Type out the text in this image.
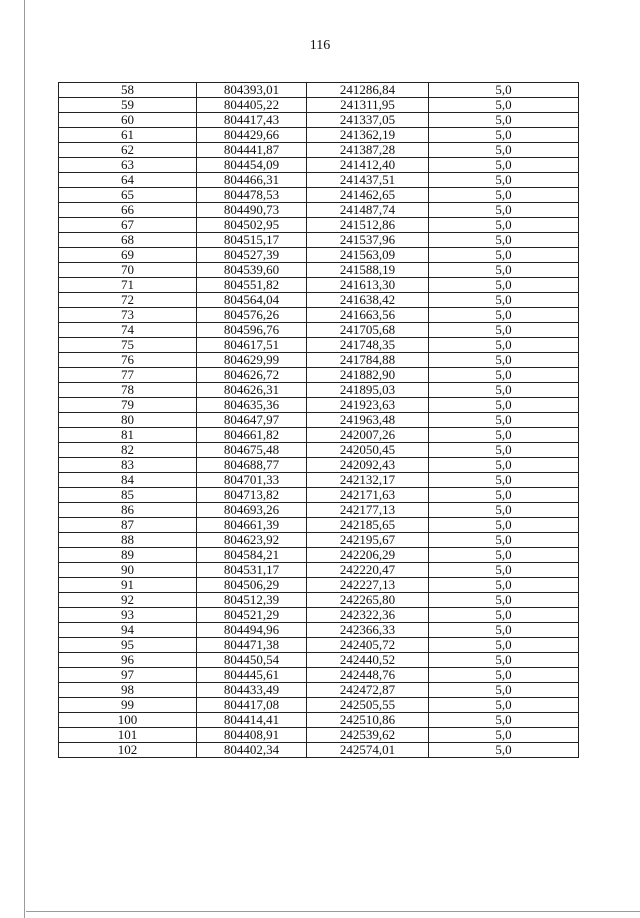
116
58	804393,01	241286,84	5,0
59	804405,22	241311,95	5,0
60	804417,43	241337,05	5,0
61	804429,66	241362,19	5,0
62	804441,87	241387,28	5,0
63	804454,09	241412,40	5,0
64	804466,31	241437,51	5,0
65	804478,53	241462,65	5,0
66	804490,73	241487,74	5,0
67	804502,95	241512,86	5,0
68	804515,17	241537,96	5,0
69	804527,39	241563,09	5,0
70	804539,60	241588,19	5,0
71	804551,82	241613,30	5,0
72	804564,04	241638,42	5,0
73	804576,26	241663,56	5,0
74	804596,76	241705,68	5,0
75	804617,51	241748,35	5,0
76	804629,99	241784,88	5,0
77	804626,72	241882,90	5,0
78	804626,31	241895,03	5,0
79	804635,36	241923,63	5,0
80	804647,97	241963,48	5,0
81	804661,82	242007,26	5,0
82	804675,48	242050,45	5,0
83	804688,77	242092,43	5,0
84	804701,33	242132,17	5,0
85	804713,82	242171,63	5,0
86	804693,26	242177,13	5,0
87	804661,39	242185,65	5,0
88	804623,92	242195,67	5,0
89	804584,21	242206,29	5,0
90	804531,17	242220,47	5,0
91	804506,29	242227,13	5,0
92	804512,39	242265,80	5,0
93	804521,29	242322,36	5,0
94	804494,96	242366,33	5,0
95	804471,38	242405,72	5,0
96	804450,54	242440,52	5,0
97	804445,61	242448,76	5,0
98	804433,49	242472,87	5,0
99	804417,08	242505,55	5,0
100	804414,41	242510,86	5,0
101	804408,91	242539,62	5,0
102	804402,34	242574,01	5,0
